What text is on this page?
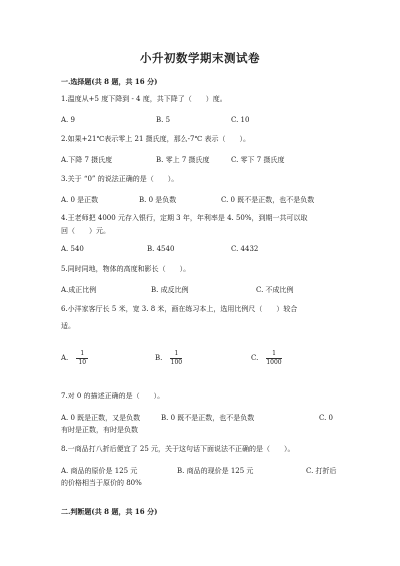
小升初数学期末测试卷
一.选择题(共 8 题，共 16 分)
1.温度从+5 度下降到 - 4 度，共下降了（　　）度。
A. 9	B. 5	C. 10
2.如果+21℃表示零上 21 摄氏度，那么-7℃ 表示（　　）。
A.下降 7 摄氏度	B. 零上 7 摄氏度	C. 零下 7 摄氏度
3.关于 “0” 的说法正确的是（　　）。
A. 0 是正数	B. 0 是负数	C. 0 既不是正数，也不是负数
4.王老师把 4000 元存入银行，定期 3 年，年利率是 4. 50%，到期一共可以取
回（　　）元。
A. 540	B. 4540	C. 4432
5.同时同地，物体的高度和影长（　　）。
A.成正比例	B. 成反比例	C. 不成比例
6.小洋家客厅长 5 米，宽 3. 8 米，画在练习本上，选用比例尺（　　）较合
适。
A. $\frac{1}{10}$	B. $\frac{1}{100}$	C. $\frac{1}{1000}$
7.对 0 的描述正确的是（　　）。
A. 0 既是正数，又是负数	B. 0 既不是正数，也不是负数	C. 0
有时是正数，有时是负数
8.一商品打八折后便宜了 25 元，关于这句话下面说法不正确的是（　　）。
A. 商品的原价是 125 元	B. 商品的现价是 125 元	C. 打折后
的价格相当于原价的 80%
二.判断题(共 8 题，共 16 分)
